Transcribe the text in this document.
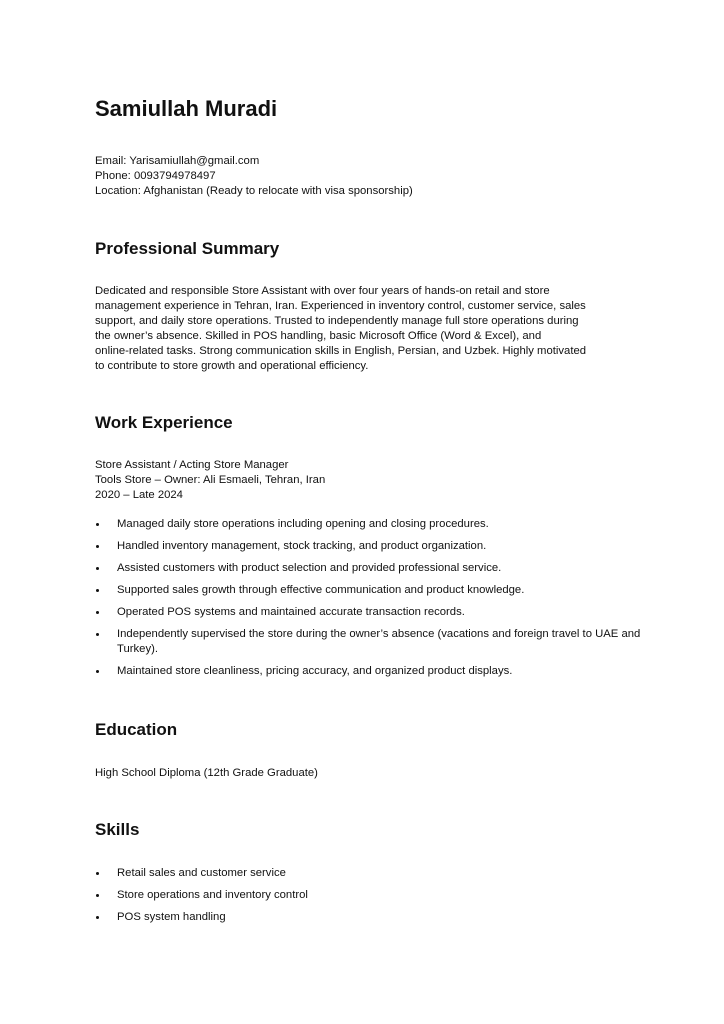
Samiullah Muradi
Email: Yarisamiullah@gmail.com
Phone: 0093794978497
Location: Afghanistan (Ready to relocate with visa sponsorship)
Professional Summary
Dedicated and responsible Store Assistant with over four years of hands-on retail and store
management experience in Tehran, Iran. Experienced in inventory control, customer service, sales
support, and daily store operations. Trusted to independently manage full store operations during
the owner’s absence. Skilled in POS handling, basic Microsoft Office (Word & Excel), and
online-related tasks. Strong communication skills in English, Persian, and Uzbek. Highly motivated
to contribute to store growth and operational efficiency.
Work Experience
Store Assistant / Acting Store Manager
Tools Store – Owner: Ali Esmaeli, Tehran, Iran
2020 – Late 2024
Managed daily store operations including opening and closing procedures.
Handled inventory management, stock tracking, and product organization.
Assisted customers with product selection and provided professional service.
Supported sales growth through effective communication and product knowledge.
Operated POS systems and maintained accurate transaction records.
Independently supervised the store during the owner’s absence (vacations and foreign travel to UAE and Turkey).
Maintained store cleanliness, pricing accuracy, and organized product displays.
Education
High School Diploma (12th Grade Graduate)
Skills
Retail sales and customer service
Store operations and inventory control
POS system handling
